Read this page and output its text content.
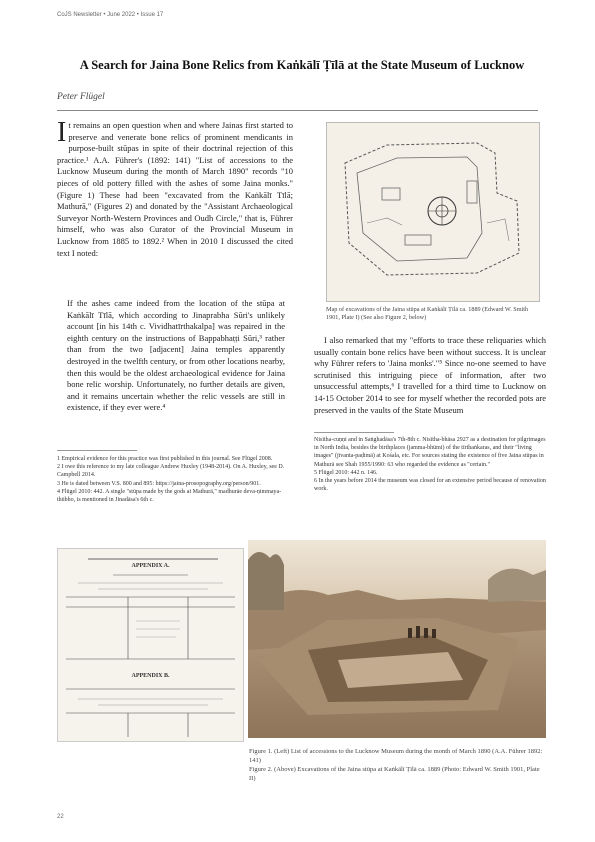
CoJS Newsletter • June 2022 • Issue 17
A Search for Jaina Bone Relics from Kaṅkālī Ṭīlā at the State Museum of Lucknow
Peter Flügel

It remains an open question when and where Jainas first started to preserve and venerate bone relics of prominent mendicants in purpose-built stūpas in spite of their doctrinal rejection of this practice.¹ A.A. Führer's (1892: 141) "List of accessions to the Lucknow Museum during the month of March 1890" records "10 pieces of old pottery filled with the ashes of some Jaina monks." (Figure 1) These had been "excavated from the Kaṅkālī Tīlā; Mathurā," (Figures 2) and donated by the "Assistant Archaeological Surveyor North-Western Provinces and Oudh Circle," that is, Führer himself, who was also Curator of the Provincial Museum in Lucknow from 1885 to 1892.² When in 2010 I discussed the cited text I noted:

If the ashes came indeed from the location of the stūpa at Kaṅkālī Tīlā, which according to Jinaprabha Sūri's unlikely account [in his 14th c. Vividhatīrthakalpa] was repaired in the eighth century on the instructions of Bappabhaṭṭi Sūri,³ rather than from the two [adjacent] Jaina temples apparently destroyed in the twelfth century, or from other locations nearby, then this would be the oldest archaeological evidence for Jaina bone relic worship. Unfortunately, no further details are given, and it remains uncertain whether the relic vessels are still in existence, if they ever were.⁴

1 Empirical evidence for this practice was first published in this journal. See Flügel 2008.

2 I owe this reference to my late colleague Andrew Huxley (1948-2014). On A. Huxley, see D. Campbell 2014.

3 He is dated between V.S. 800 and 895: https://jaina-prosopography.org/person/901.

4 Flügel 2010: 442. A single "stūpa made by the gods at Mathurā," madhurāe deva-ṇimmaya-thūbho, is mentioned in Jinadāsa's 6th c.

Map of excavations of the Jaina stūpa at Kaṅkālī Ṭīlā ca. 1889 (Edward W. Smith 1901, Plate I) (See also Figure 2, below)

I also remarked that my "efforts to trace these reliquaries which usually contain bone relics have been without success. It is unclear why Führer refers to 'Jaina monks'."⁵ Since no-one seemed to have scrutinised this intriguing piece of information, after two unsuccessful attempts,⁶ I travelled for a third time to Lucknow on 14-15 October 2014 to see for myself whether the recorded pots are preserved in the vaults of the State Museum

Nisītha-cuṇṇi and in Saṅghadāsa's 7th-8th c. Nisītha-bhāsa 2927 as a destination for pilgrimages in North India, besides the birthplaces (jamma-bhūmi) of the tīrthaṅkaras, and their "living images" (jīvanta-paḍimā) at Kośala, etc. For sources stating the existence of five Jaina stūpas in Mathurā see Shah 1955/1990: 63 who regarded the evidence as "certain."

5 Flügel 2010: 442 n. 146.

6 In the years before 2014 the museum was closed for an extensive period because of renovation work.

APPENDIX A.
APPENDIX B.

Figure 1. (Left) List of accessions to the Lucknow Museum during the month of March 1890 (A.A. Führer 1892: 141)

Figure 2. (Above) Excavations of the Jaina stūpa at Kaṅkālī Ṭīlā ca. 1889 (Photo: Edward W. Smith 1901, Plate II)

22
